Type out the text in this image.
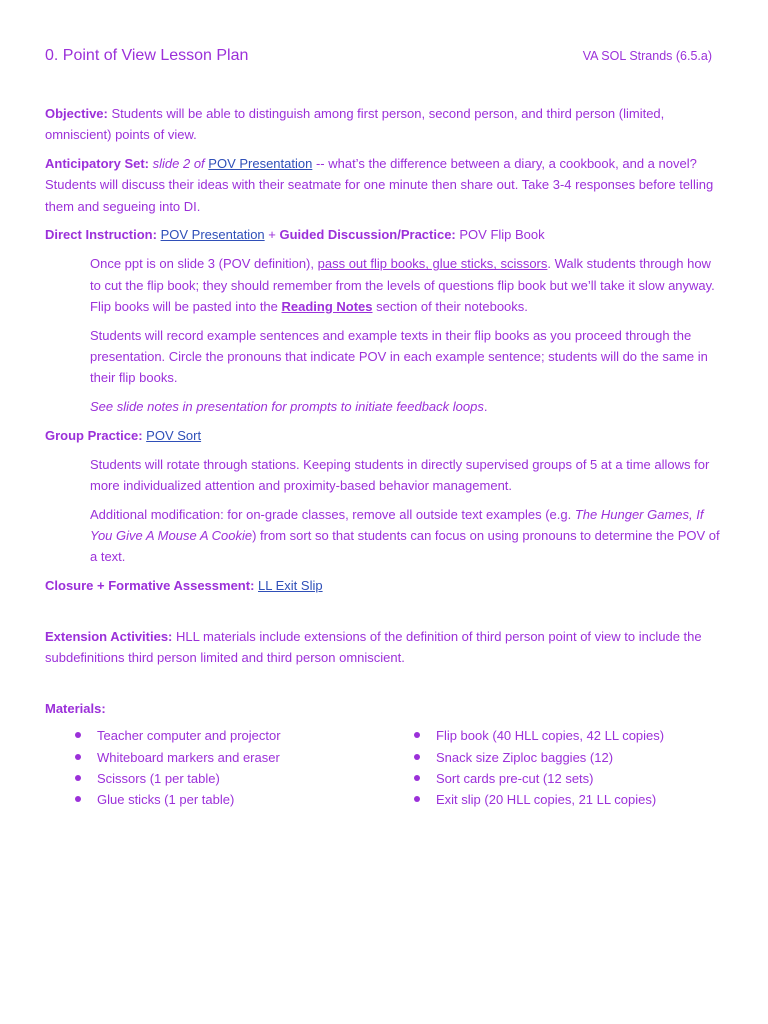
0. Point of View Lesson Plan	VA SOL Strands (6.5.a)

Objective: Students will be able to distinguish among first person, second person, and third person (limited, omniscient) points of view.

Anticipatory Set: slide 2 of POV Presentation -- what’s the difference between a diary, a cookbook, and a novel? Students will discuss their ideas with their seatmate for one minute then share out. Take 3-4 responses before telling them and segueing into DI.

Direct Instruction: POV Presentation + Guided Discussion/Practice: POV Flip Book

Once ppt is on slide 3 (POV definition), pass out flip books, glue sticks, scissors. Walk students through how to cut the flip book; they should remember from the levels of questions flip book but we’ll take it slow anyway. Flip books will be pasted into the Reading Notes section of their notebooks.

Students will record example sentences and example texts in their flip books as you proceed through the presentation. Circle the pronouns that indicate POV in each example sentence; students will do the same in their flip books.

See slide notes in presentation for prompts to initiate feedback loops.

Group Practice: POV Sort

Students will rotate through stations. Keeping students in directly supervised groups of 5 at a time allows for more individualized attention and proximity-based behavior management.

Additional modification: for on-grade classes, remove all outside text examples (e.g. The Hunger Games, If You Give A Mouse A Cookie) from sort so that students can focus on using pronouns to determine the POV of a text.

Closure + Formative Assessment: LL Exit Slip

Extension Activities: HLL materials include extensions of the definition of third person point of view to include the subdefinitions third person limited and third person omniscient.

Materials:

Teacher computer and projector
Whiteboard markers and eraser
Scissors (1 per table)
Glue sticks (1 per table)
Flip book (40 HLL copies, 42 LL copies)
Snack size Ziploc baggies (12)
Sort cards pre-cut (12 sets)
Exit slip (20 HLL copies, 21 LL copies)
